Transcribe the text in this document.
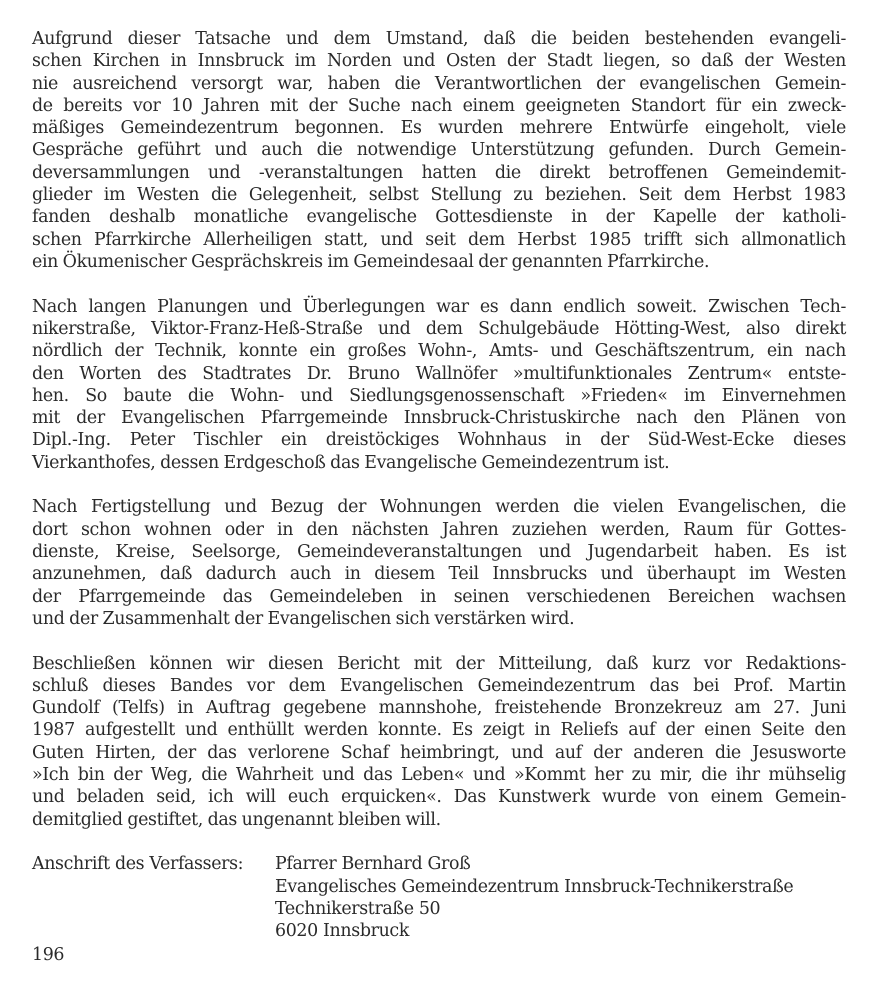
Aufgrund dieser Tatsache und dem Umstand, daß die beiden bestehenden evangeli-
schen Kirchen in Innsbruck im Norden und Osten der Stadt liegen, so daß der Westen
nie ausreichend versorgt war, haben die Verantwortlichen der evangelischen Gemein-
de bereits vor 10 Jahren mit der Suche nach einem geeigneten Standort für ein zweck-
mäßiges Gemeindezentrum begonnen. Es wurden mehrere Entwürfe eingeholt, viele
Gespräche geführt und auch die notwendige Unterstützung gefunden. Durch Gemein-
deversammlungen und -veranstaltungen hatten die direkt betroffenen Gemeindemit-
glieder im Westen die Gelegenheit, selbst Stellung zu beziehen. Seit dem Herbst 1983
fanden deshalb monatliche evangelische Gottesdienste in der Kapelle der katholi-
schen Pfarrkirche Allerheiligen statt, und seit dem Herbst 1985 trifft sich allmonatlich
ein Ökumenischer Gesprächskreis im Gemeindesaal der genannten Pfarrkirche.
Nach langen Planungen und Überlegungen war es dann endlich soweit. Zwischen Tech-
nikerstraße, Viktor-Franz-Heß-Straße und dem Schulgebäude Hötting-West, also direkt
nördlich der Technik, konnte ein großes Wohn-, Amts- und Geschäftszentrum, ein nach
den Worten des Stadtrates Dr. Bruno Wallnöfer »multifunktionales Zentrum« entste-
hen. So baute die Wohn- und Siedlungsgenossenschaft »Frieden« im Einvernehmen
mit der Evangelischen Pfarrgemeinde Innsbruck-Christuskirche nach den Plänen von
Dipl.-Ing. Peter Tischler ein dreistöckiges Wohnhaus in der Süd-West-Ecke dieses
Vierkanthofes, dessen Erdgeschoß das Evangelische Gemeindezentrum ist.
Nach Fertigstellung und Bezug der Wohnungen werden die vielen Evangelischen, die
dort schon wohnen oder in den nächsten Jahren zuziehen werden, Raum für Gottes-
dienste, Kreise, Seelsorge, Gemeindeveranstaltungen und Jugendarbeit haben. Es ist
anzunehmen, daß dadurch auch in diesem Teil Innsbrucks und überhaupt im Westen
der Pfarrgemeinde das Gemeindeleben in seinen verschiedenen Bereichen wachsen
und der Zusammenhalt der Evangelischen sich verstärken wird.
Beschließen können wir diesen Bericht mit der Mitteilung, daß kurz vor Redaktions-
schluß dieses Bandes vor dem Evangelischen Gemeindezentrum das bei Prof. Martin
Gundolf (Telfs) in Auftrag gegebene mannshohe, freistehende Bronzekreuz am 27. Juni
1987 aufgestellt und enthüllt werden konnte. Es zeigt in Reliefs auf der einen Seite den
Guten Hirten, der das verlorene Schaf heimbringt, und auf der anderen die Jesusworte
»Ich bin der Weg, die Wahrheit und das Leben« und »Kommt her zu mir, die ihr mühselig
und beladen seid, ich will euch erquicken«. Das Kunstwerk wurde von einem Gemein-
demitglied gestiftet, das ungenannt bleiben will.
Anschrift des Verfassers: Pfarrer Bernhard Groß
Evangelisches Gemeindezentrum Innsbruck-Technikerstraße
Technikerstraße 50
6020 Innsbruck
196
